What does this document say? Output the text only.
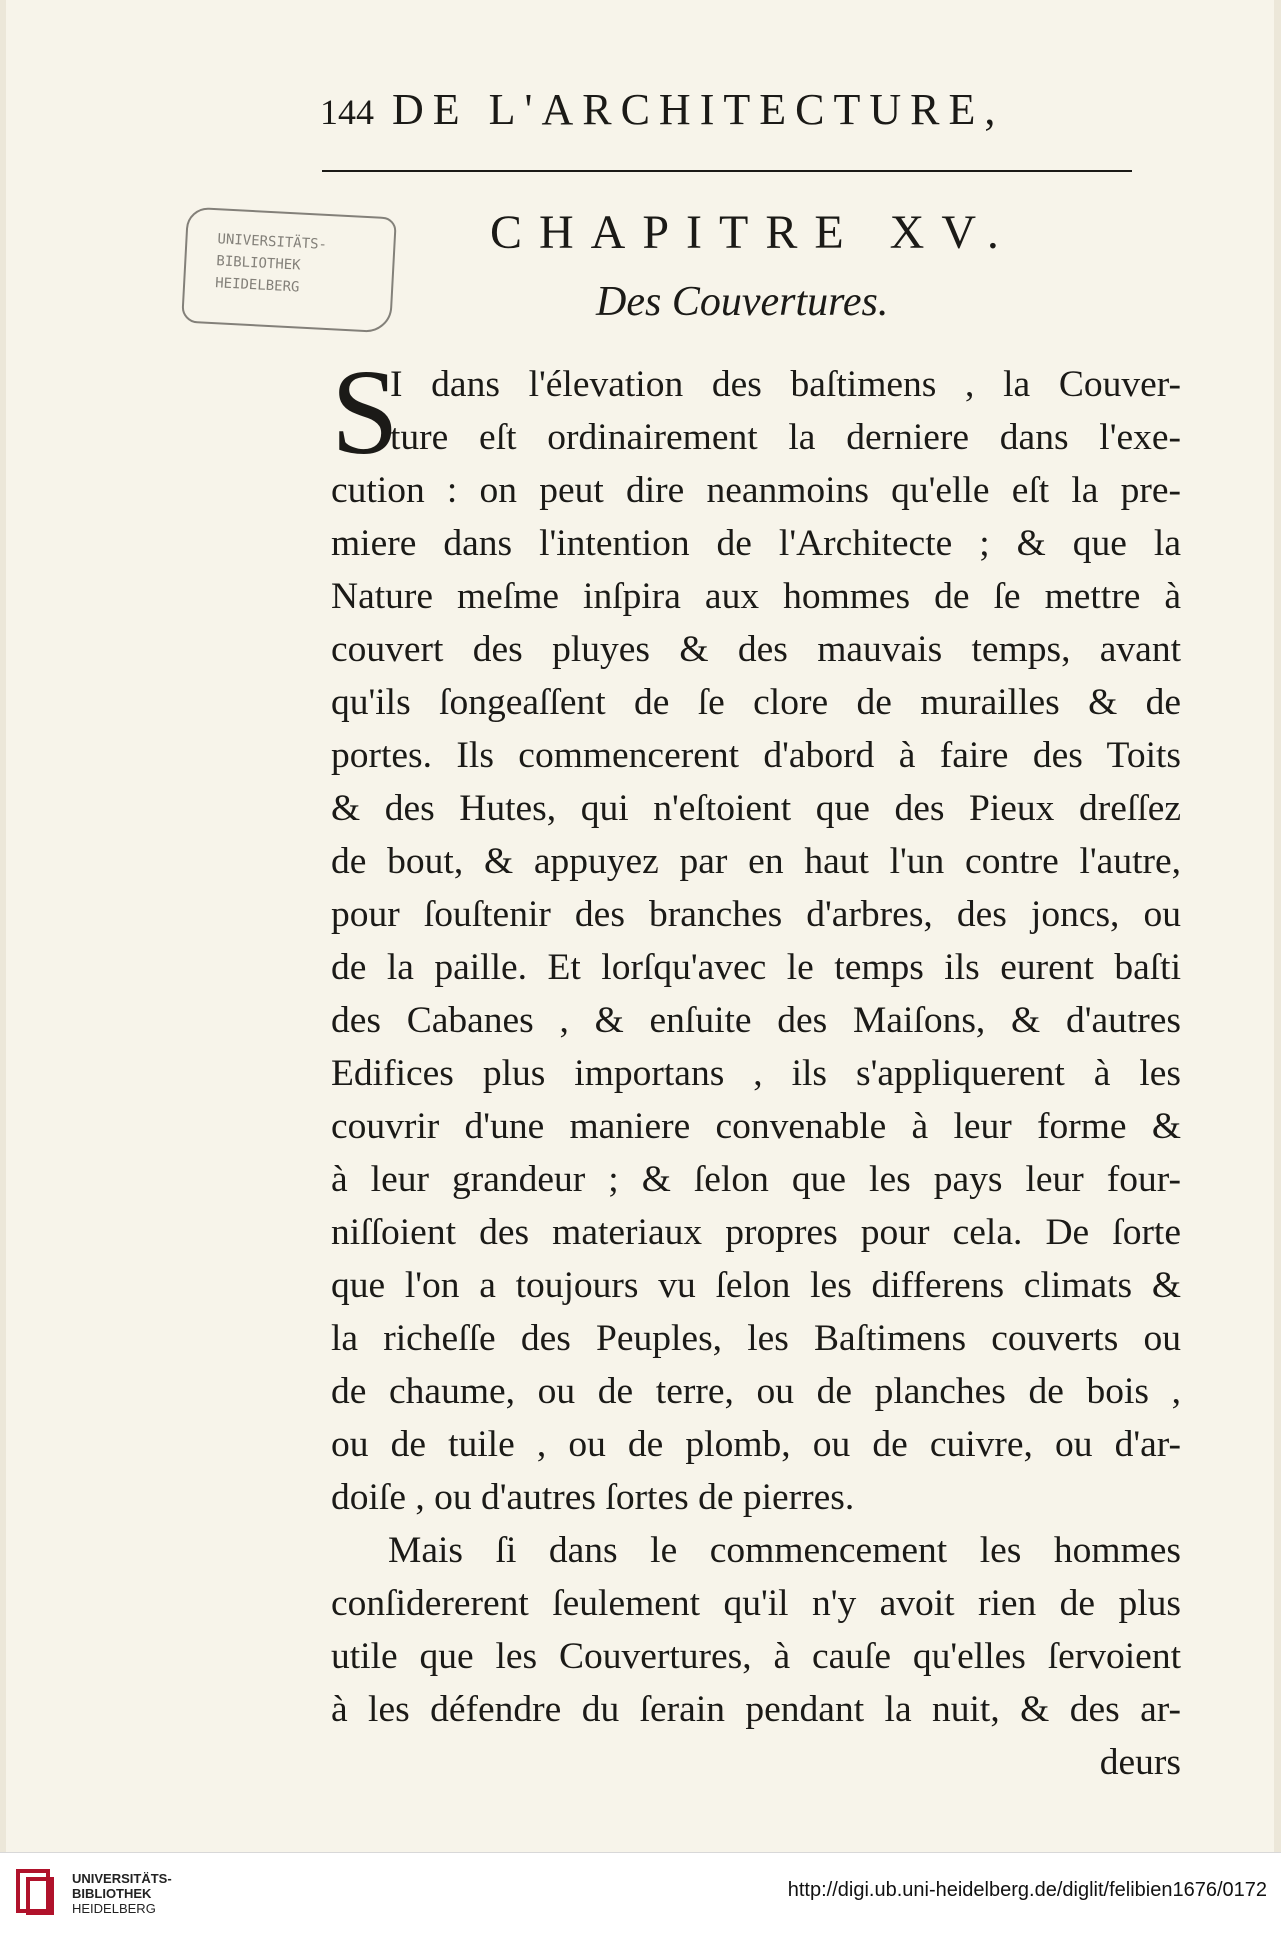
144 DE L'ARCHITECTURE,
UNIVERSITÄTS-
BIBLIOTHEK
HEIDELBERG
CHAPITRE XV.
Des Couvertures.
S
I dans l'élevation des baſtimens , la Couver-
ture eſt ordinairement la derniere dans l'exe-
cution : on peut dire neanmoins qu'elle eſt la pre-
miere dans l'intention de l'Architecte ; & que la
Nature meſme inſpira aux hommes de ſe mettre à
couvert des pluyes & des mauvais temps, avant
qu'ils ſongeaſſent de ſe clore de murailles & de
portes. Ils commencerent d'abord à faire des Toits
& des Hutes, qui n'eſtoient que des Pieux dreſſez
de bout, & appuyez par en haut l'un contre l'autre,
pour ſouſtenir des branches d'arbres, des joncs, ou
de la paille. Et lorſqu'avec le temps ils eurent baſti
des Cabanes , & enſuite des Maiſons, & d'autres
Edifices plus importans , ils s'appliquerent à les
couvrir d'une maniere convenable à leur forme &
à leur grandeur ; & ſelon que les pays leur four-
niſſoient des materiaux propres pour cela. De ſorte
que l'on a toujours vu ſelon les differens climats &
la richeſſe des Peuples, les Baſtimens couverts ou
de chaume, ou de terre, ou de planches de bois ,
ou de tuile , ou de plomb, ou de cuivre, ou d'ar-
doiſe , ou d'autres ſortes de pierres.
Mais ſi dans le commencement les hommes
conſidererent ſeulement qu'il n'y avoit rien de plus
utile que les Couvertures, à cauſe qu'elles ſervoient
à les défendre du ſerain pendant la nuit, & des ar-
deurs
UNIVERSITÄTS-
BIBLIOTHEK
HEIDELBERG
http://digi.ub.uni-heidelberg.de/diglit/felibien1676/0172
